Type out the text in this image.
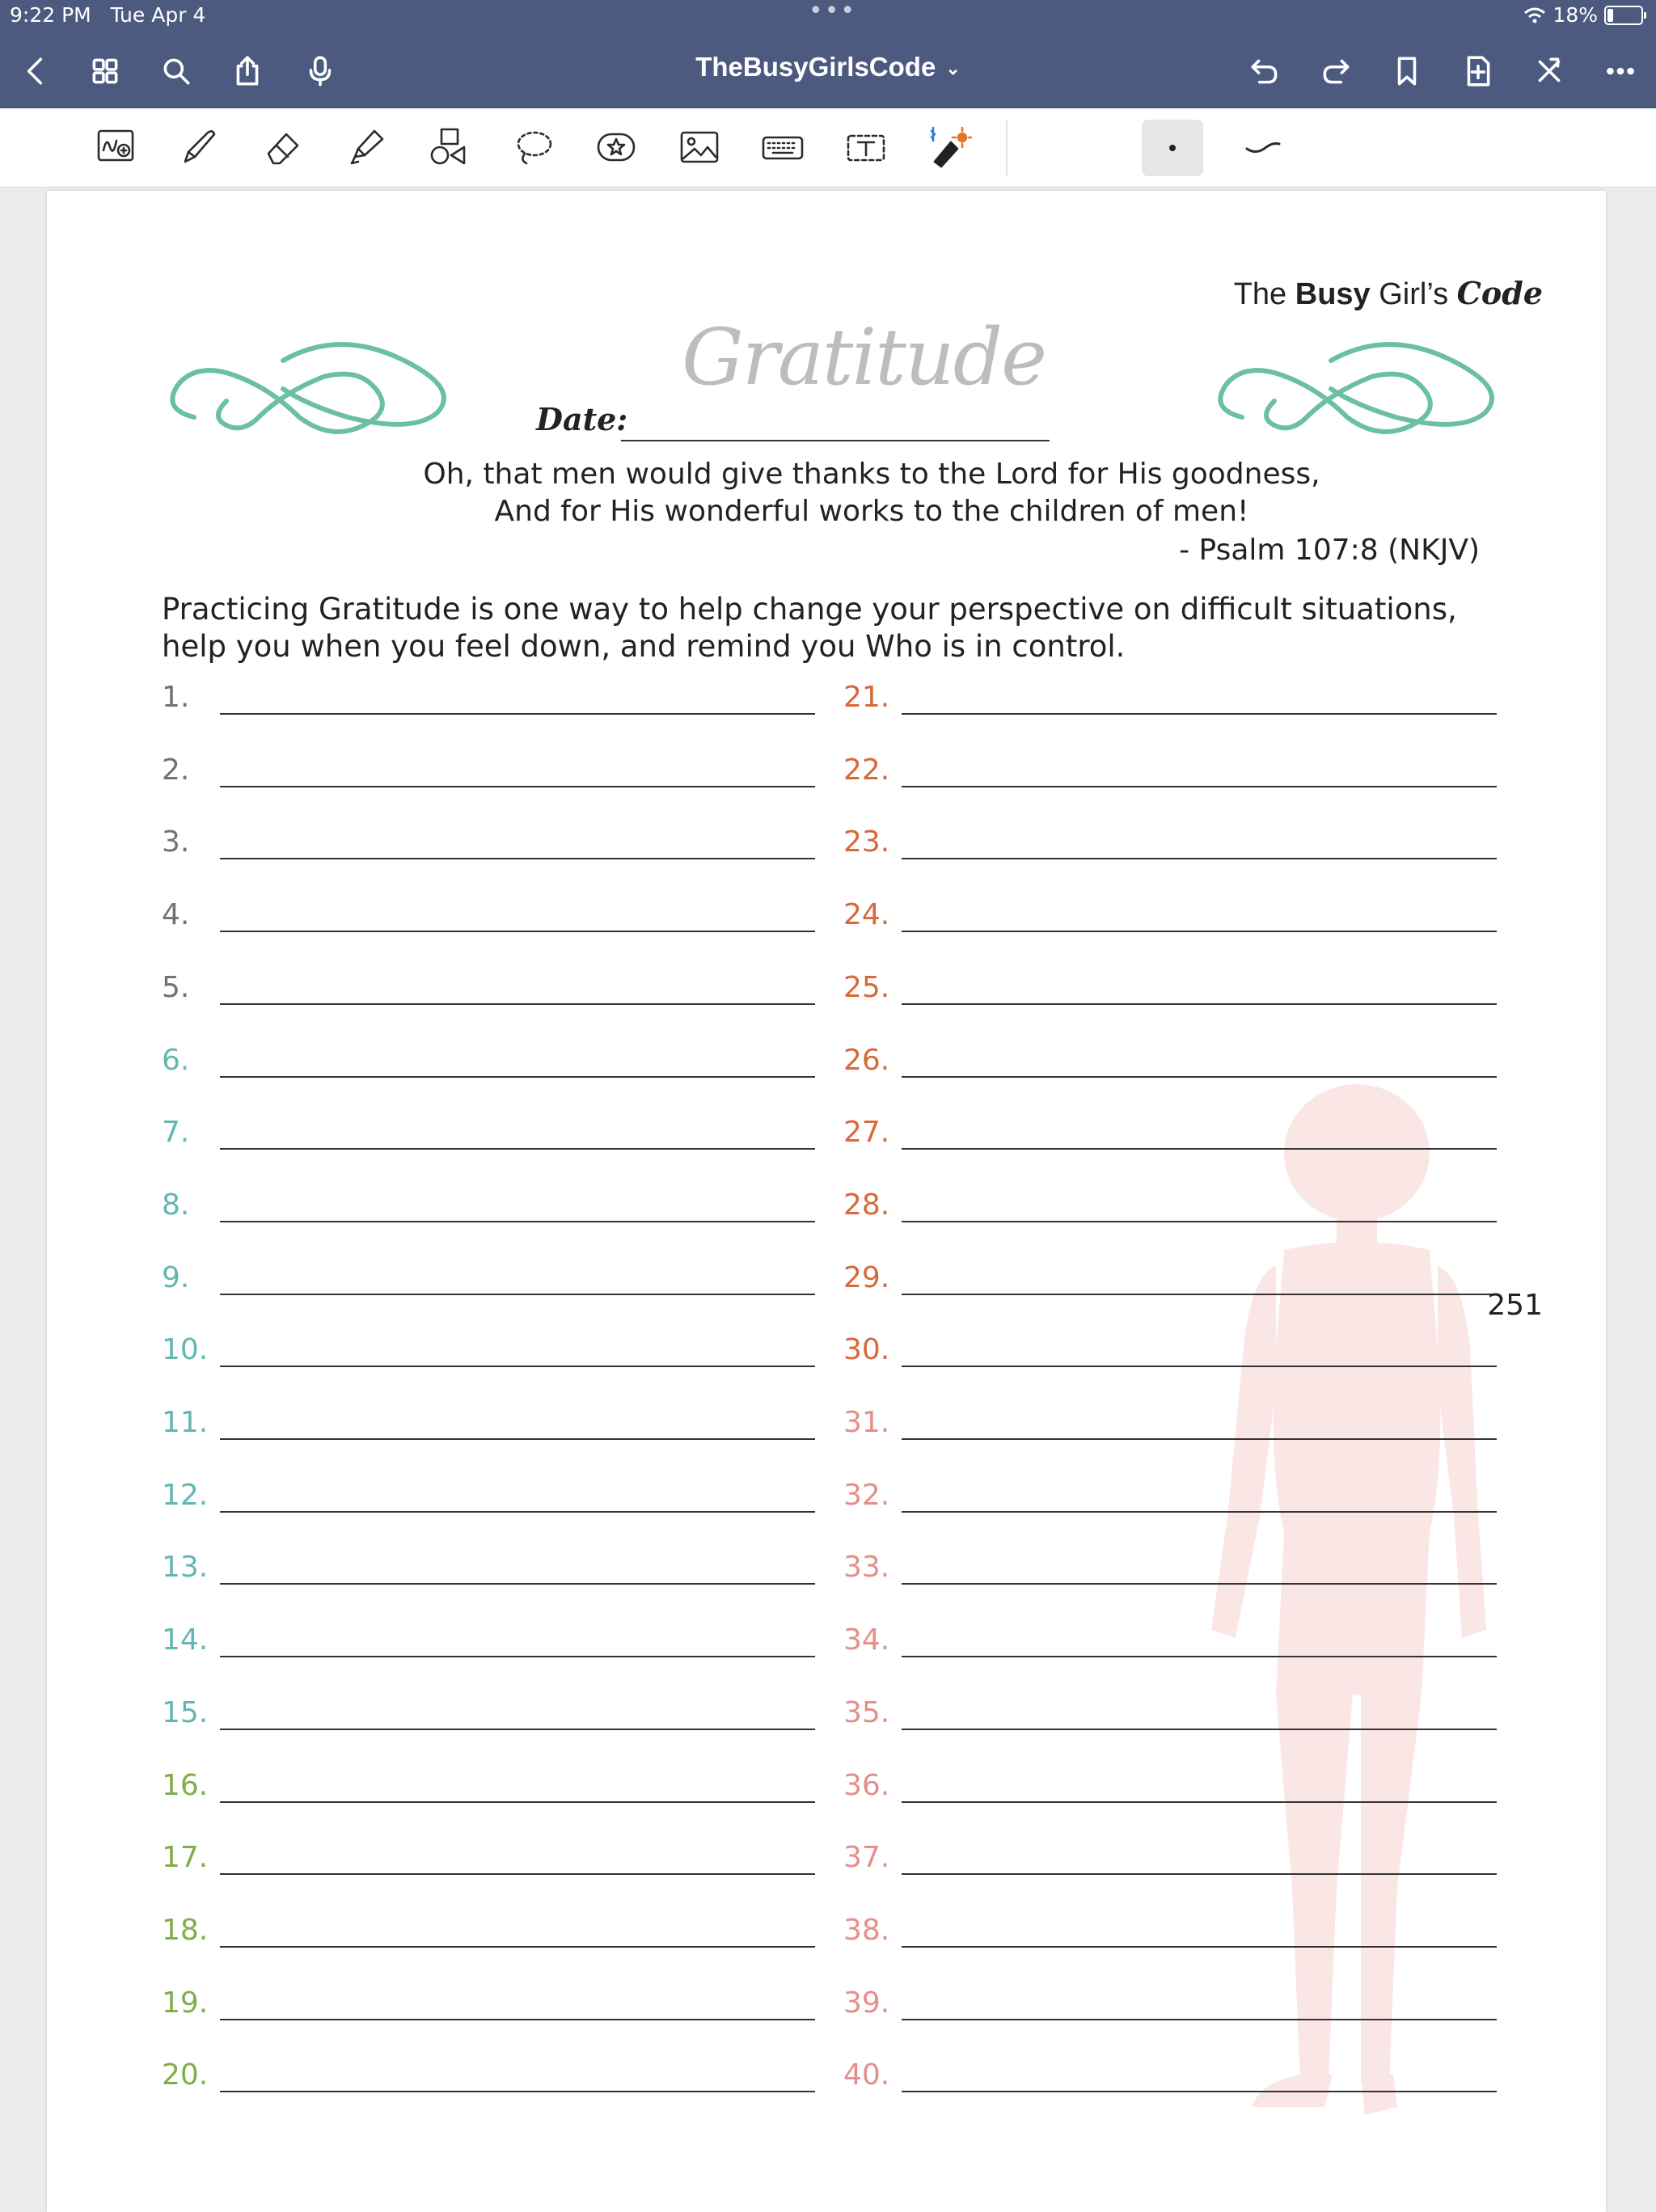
9:22 PM Tue Apr 4	•••	18%
TheBusyGirlsCode ⌄
The Busy Girl’s Code
Gratitude
Date:
Oh, that men would give thanks to the Lord for His goodness,
And for His wonderful works to the children of men!
- Psalm 107:8 (NKJV)
Practicing Gratitude is one way to help change your perspective on difficult situations,
help you when you feel down, and remind you Who is in control.
1.
2.
3.
4.
5.
6.
7.
8.
9.
10.
11.
12.
13.
14.
15.
16.
17.
18.
19.
20.
21.
22.
23.
24.
25.
26.
27.
28.
29.
30.
31.
32.
33.
34.
35.
36.
37.
38.
39.
40.
251
